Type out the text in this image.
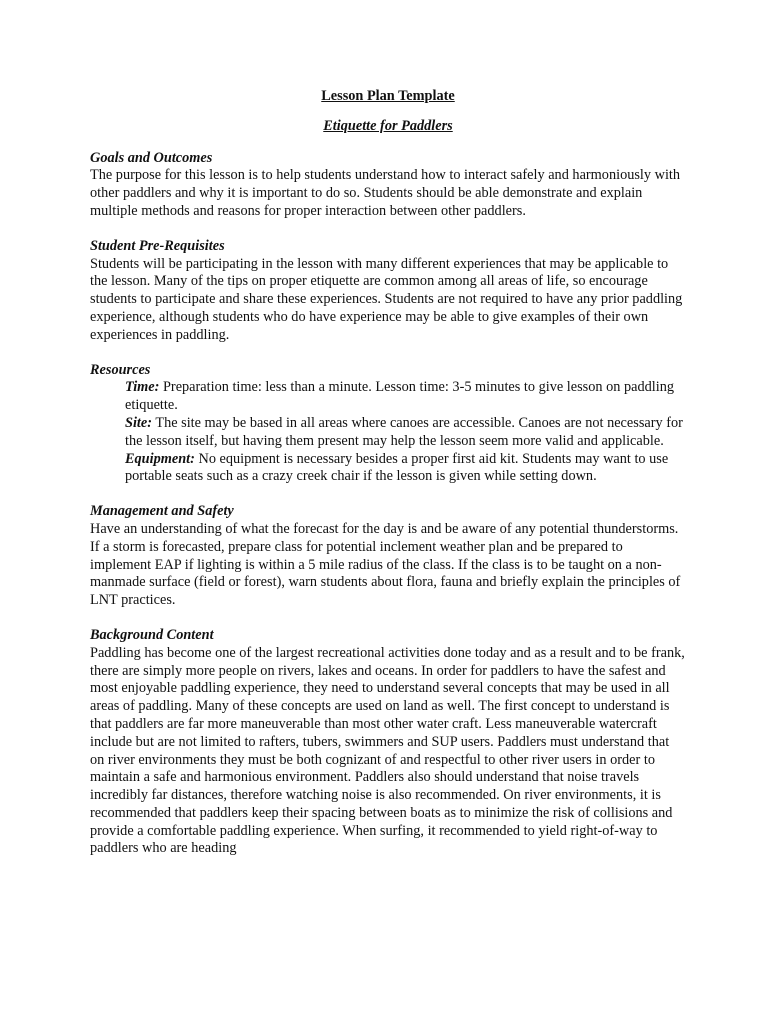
Lesson Plan Template
Etiquette for Paddlers
Goals and Outcomes
The purpose for this lesson is to help students understand how to interact safely and harmoniously with other paddlers and why it is important to do so. Students should be able demonstrate and explain multiple methods and reasons for proper interaction between other paddlers.
Student Pre-Requisites
Students will be participating in the lesson with many different experiences that may be applicable to the lesson. Many of the tips on proper etiquette are common among all areas of life, so encourage students to participate and share these experiences. Students are not required to have any prior paddling experience, although students who do have experience may be able to give examples of their own experiences in paddling.
Resources
Time: Preparation time: less than a minute. Lesson time: 3-5 minutes to give lesson on paddling etiquette.
Site: The site may be based in all areas where canoes are accessible. Canoes are not necessary for the lesson itself, but having them present may help the lesson seem more valid and applicable.
Equipment: No equipment is necessary besides a proper first aid kit. Students may want to use portable seats such as a crazy creek chair if the lesson is given while setting down.
Management and Safety
Have an understanding of what the forecast for the day is and be aware of any potential thunderstorms. If a storm is forecasted, prepare class for potential inclement weather plan and be prepared to implement EAP if lighting is within a 5 mile radius of the class. If the class is to be taught on a non-manmade surface (field or forest), warn students about flora, fauna and briefly explain the principles of LNT practices.
Background Content
Paddling has become one of the largest recreational activities done today and as a result and to be frank, there are simply more people on rivers, lakes and oceans. In order for paddlers to have the safest and most enjoyable paddling experience, they need to understand several concepts that may be used in all areas of paddling. Many of these concepts are used on land as well. The first concept to understand is that paddlers are far more maneuverable than most other water craft. Less maneuverable watercraft include but are not limited to rafters, tubers, swimmers and SUP users. Paddlers must understand that on river environments they must be both cognizant of and respectful to other river users in order to maintain a safe and harmonious environment. Paddlers also should understand that noise travels incredibly far distances, therefore watching noise is also recommended. On river environments, it is recommended that paddlers keep their spacing between boats as to minimize the risk of collisions and provide a comfortable paddling experience. When surfing, it recommended to yield right-of-way to paddlers who are heading
